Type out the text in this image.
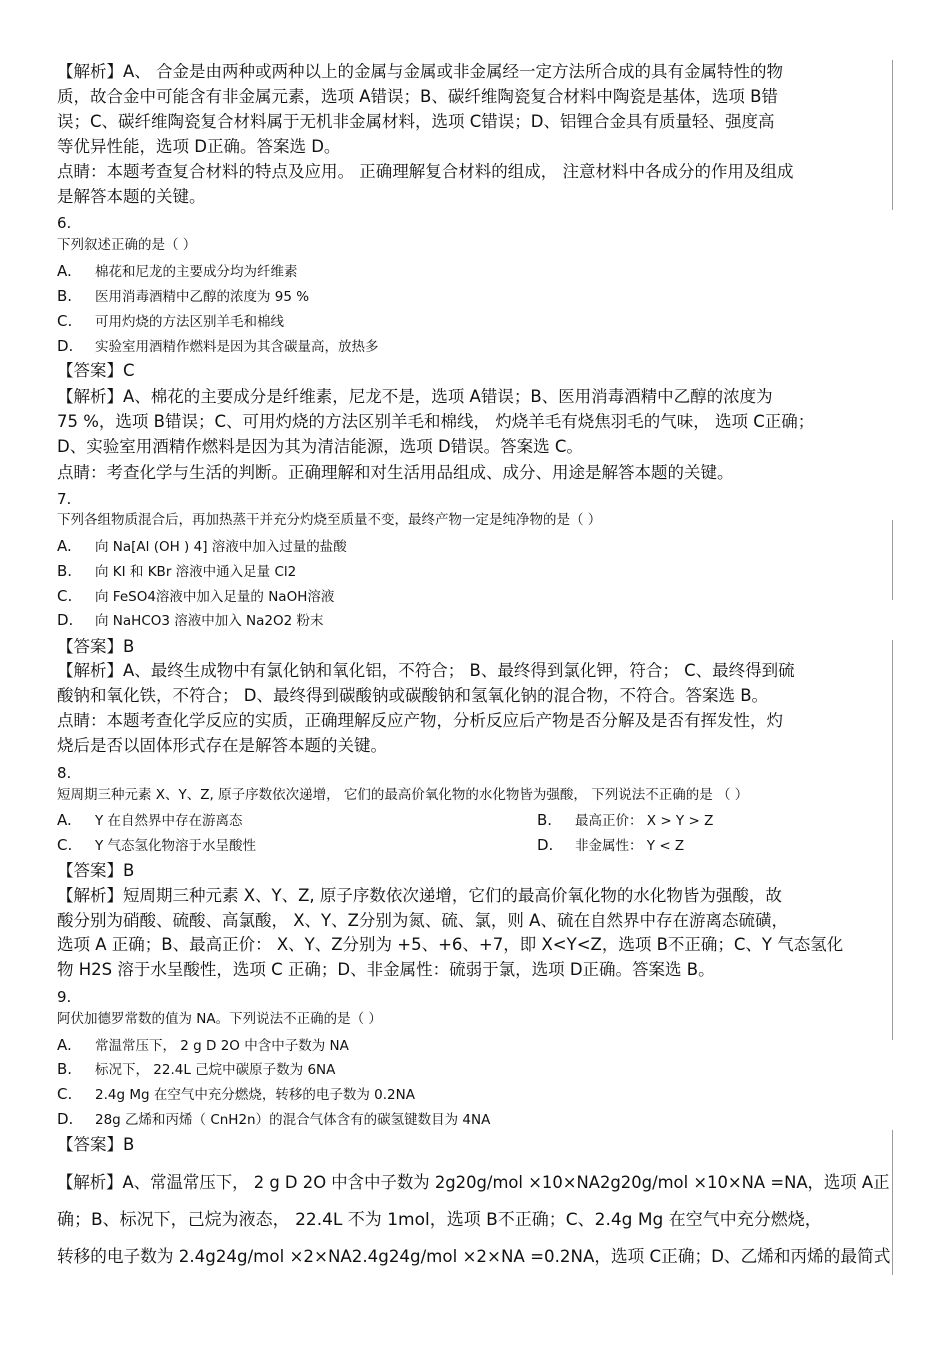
【解析】A、 合金是由两种或两种以上的金属与金属或非金属经一定方法所合成的具有金属特性的物
质，故合金中可能含有非金属元素，选项 A错误；B、碳纤维陶瓷复合材料中陶瓷是基体，选项 B错
误；C、碳纤维陶瓷复合材料属于无机非金属材料，选项 C错误；D、铝锂合金具有质量轻、强度高
等优异性能，选项 D正确。答案选 D。
点睛：本题考查复合材料的特点及应用。 正确理解复合材料的组成， 注意材料中各成分的作用及组成
是解答本题的关键。
6.
下列叙述正确的是（ ）
A. 棉花和尼龙的主要成分均为纤维素
B. 医用消毒酒精中乙醇的浓度为 95 %
C. 可用灼烧的方法区别羊毛和棉线
D. 实验室用酒精作燃料是因为其含碳量高，放热多
【答案】C
【解析】A、棉花的主要成分是纤维素，尼龙不是，选项 A错误；B、医用消毒酒精中乙醇的浓度为
75 %，选项 B错误；C、可用灼烧的方法区别羊毛和棉线， 灼烧羊毛有烧焦羽毛的气味， 选项 C正确；
D、实验室用酒精作燃料是因为其为清洁能源，选项 D错误。答案选 C。
点睛：考查化学与生活的判断。正确理解和对生活用品组成、成分、用途是解答本题的关键。
7.
下列各组物质混合后，再加热蒸干并充分灼烧至质量不变，最终产物一定是纯净物的是（ ）
A. 向 Na[Al (OH ) 4] 溶液中加入过量的盐酸
B. 向 KI 和 KBr 溶液中通入足量 Cl2
C. 向 FeSO4溶液中加入足量的 NaOH溶液
D. 向 NaHCO3 溶液中加入 Na2O2 粉末
【答案】B
【解析】A、最终生成物中有氯化钠和氧化铝，不符合； B、最终得到氯化钾，符合； C、最终得到硫
酸钠和氧化铁，不符合； D、最终得到碳酸钠或碳酸钠和氢氧化钠的混合物，不符合。答案选 B。
点睛：本题考查化学反应的实质，正确理解反应产物，分析反应后产物是否分解及是否有挥发性，灼
烧后是否以固体形式存在是解答本题的关键。
8.
短周期三种元素 X、Y、Z, 原子序数依次递增， 它们的最高价氧化物的水化物皆为强酸， 下列说法不正确的是 （ ）
A. Y 在自然界中存在游离态	B. 最高正价： X > Y > Z
C. Y 气态氢化物溶于水呈酸性	D. 非金属性： Y < Z
【答案】B
【解析】短周期三种元素 X、Y、Z, 原子序数依次递增，它们的最高价氧化物的水化物皆为强酸，故
酸分别为硝酸、硫酸、高氯酸， X、Y、Z分别为氮、硫、氯，则 A、硫在自然界中存在游离态硫磺，
选项 A 正确；B、最高正价： X、Y、Z分别为 +5、+6、+7，即 X<Y<Z，选项 B不正确；C、Y 气态氢化
物 H2S 溶于水呈酸性，选项 C 正确；D、非金属性：硫弱于氯，选项 D正确。答案选 B。
9.
阿伏加德罗常数的值为 NA。下列说法不正确的是（ ）
A. 常温常压下， 2 g D 2O 中含中子数为 NA
B. 标况下， 22.4L 己烷中碳原子数为 6NA
C. 2.4g Mg 在空气中充分燃烧，转移的电子数为 0.2NA
D. 28g 乙烯和丙烯（ CnH2n）的混合气体含有的碳氢键数目为 4NA
【答案】B
【解析】A、常温常压下， 2 g D 2O 中含中子数为 2g20g/mol ×10×NA2g20g/mol ×10×NA =NA，选项 A正
确；B、标况下，己烷为液态， 22.4L 不为 1mol，选项 B不正确；C、2.4g Mg 在空气中充分燃烧，
转移的电子数为 2.4g24g/mol ×2×NA2.4g24g/mol ×2×NA =0.2NA，选项 C正确；D、乙烯和丙烯的最简式
